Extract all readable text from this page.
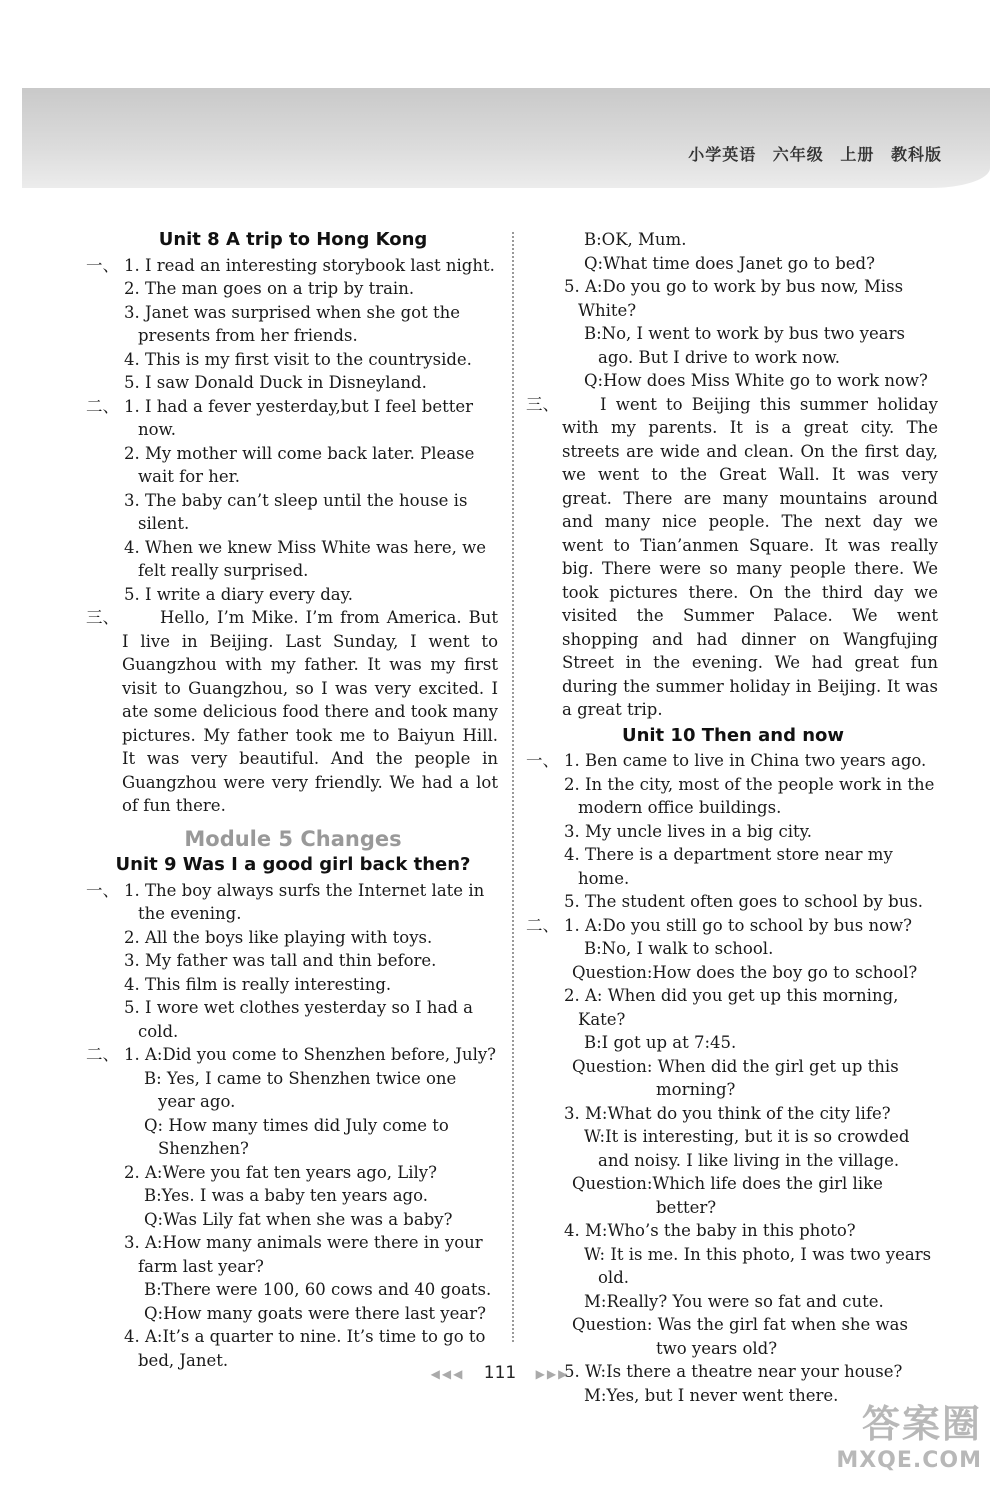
小学英语 六年级 上册 教科版
Unit 8 A trip to Hong Kong

一、 1. I read an interesting storybook last night.

2. The man goes on a trip by train.

3. Janet was surprised when she got the presents from her friends.

4. This is my first visit to the countryside.

5. I saw Donald Duck in Disneyland.

二、 1. I had a fever yesterday,but I feel better now.

2. My mother will come back later. Please wait for her.

3. The baby can’t sleep until the house is silent.

4. When we knew Miss White was here, we felt really surprised.

5. I write a diary every day.

三、 Hello, I’m Mike. I’m from America. But I live in Beijing. Last Sunday, I went to Guangzhou with my father. It was my first visit to Guangzhou, so I was very excited. I ate some delicious food there and took many pictures. My father took me to Baiyun Hill. It was very beautiful. And the people in Guangzhou were very friendly. We had a lot of fun there.
Module 5 Changes
Unit 9 Was I a good girl back then?

一、 1. The boy always surfs the Internet late in the evening.

2. All the boys like playing with toys.

3. My father was tall and thin before.

4. This film is really interesting.

5. I wore wet clothes yesterday so I had a cold.

二、 1. A:Did you come to Shenzhen before, July?

B: Yes, I came to Shenzhen twice one year ago.

Q: How many times did July come to Shenzhen?

2. A:Were you fat ten years ago, Lily?

B:Yes. I was a baby ten years ago.

Q:Was Lily fat when she was a baby?

3. A:How many animals were there in your farm last year?

B:There were 100, 60 cows and 40 goats.

Q:How many goats were there last year?

4. A:It’s a quarter to nine. It’s time to go to bed, Janet.

B:OK, Mum.

Q:What time does Janet go to bed?

5. A:Do you go to work by bus now, Miss White?

B:No, I went to work by bus two years ago. But I drive to work now.

Q:How does Miss White go to work now?

三、 I went to Beijing this summer holiday with my parents. It is a great city. The streets are wide and clean. On the first day, we went to the Great Wall. It was very great. There are many mountains around and many nice people. The next day we went to Tian’anmen Square. It was really big. There were so many people there. We took pictures there. On the third day we visited the Summer Palace. We went shopping and had dinner on Wangfujing Street in the evening. We had great fun during the summer holiday in Beijing. It was a great trip.
Unit 10 Then and now

一、 1. Ben came to live in China two years ago.

2. In the city, most of the people work in the modern office buildings.

3. My uncle lives in a big city.

4. There is a department store near my home.

5. The student often goes to school by bus.

二、 1. A:Do you still go to school by bus now?

B:No, I walk to school.

Question:How does the boy go to school?

2. A: When did you get up this morning, Kate?

B:I got up at 7:45.

Question: When did the girl get up this morning?

3. M:What do you think of the city life?

W:It is interesting, but it is so crowded and noisy. I like living in the village.

Question:Which life does the girl like better?

4. M:Who’s the baby in this photo?

W: It is me. In this photo, I was two years old.

M:Really? You were so fat and cute.

Question: Was the girl fat when she was two years old?

5. W:Is there a theatre near your house?

M:Yes, but I never went there.

◀◀◀ 111 ▶▶▶
答案圈
MXQE.COM
